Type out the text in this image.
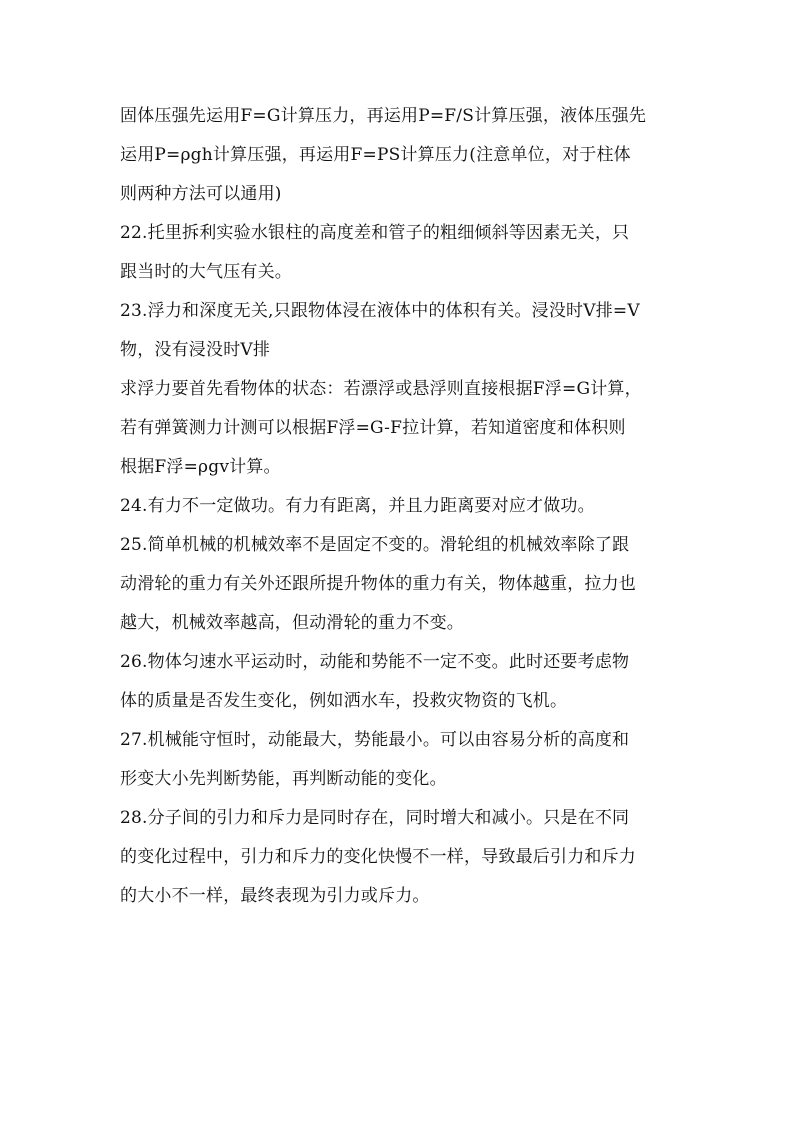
固体压强先运用F=G计算压力，再运用P=F/S计算压强，液体压强先
运用P=ρgh计算压强，再运用F=PS计算压力(注意单位，对于柱体
则两种方法可以通用)
22.托里拆利实验水银柱的高度差和管子的粗细倾斜等因素无关，只
跟当时的大气压有关。
23.浮力和深度无关,只跟物体浸在液体中的体积有关。浸没时V排=V
物，没有浸没时V排
求浮力要首先看物体的状态：若漂浮或悬浮则直接根据F浮=G计算，
若有弹簧测力计测可以根据F浮=G-F拉计算，若知道密度和体积则
根据F浮=ρgv计算。
24.有力不一定做功。有力有距离，并且力距离要对应才做功。
25.简单机械的机械效率不是固定不变的。滑轮组的机械效率除了跟
动滑轮的重力有关外还跟所提升物体的重力有关，物体越重，拉力也
越大，机械效率越高，但动滑轮的重力不变。
26.物体匀速水平运动时，动能和势能不一定不变。此时还要考虑物
体的质量是否发生变化，例如洒水车，投救灾物资的飞机。
27.机械能守恒时，动能最大，势能最小。可以由容易分析的高度和
形变大小先判断势能，再判断动能的变化。
28.分子间的引力和斥力是同时存在，同时增大和减小。只是在不同
的变化过程中，引力和斥力的变化快慢不一样，导致最后引力和斥力
的大小不一样，最终表现为引力或斥力。
